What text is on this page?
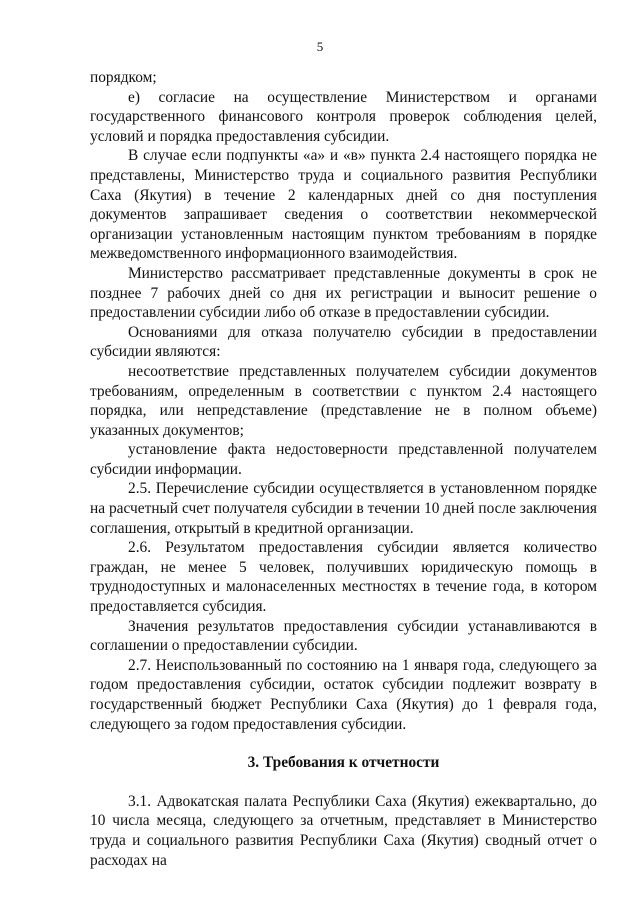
5

порядком;

е) согласие на осуществление Министерством и органами государственного финансового контроля проверок соблюдения целей, условий и порядка предоставления субсидии.

В случае если подпункты «а» и «в» пункта 2.4 настоящего порядка не представлены, Министерство труда и социального развития Республики Саха (Якутия) в течение 2 календарных дней со дня поступления документов запрашивает сведения о соответствии некоммерческой организации установленным настоящим пунктом требованиям в порядке межведомственного информационного взаимодействия.

Министерство рассматривает представленные документы в срок не позднее 7 рабочих дней со дня их регистрации и выносит решение о предоставлении субсидии либо об отказе в предоставлении субсидии.

Основаниями для отказа получателю субсидии в предоставлении субсидии являются:

несоответствие представленных получателем субсидии документов требованиям, определенным в соответствии с пунктом 2.4 настоящего порядка, или непредставление (представление не в полном объеме) указанных документов;

установление факта недостоверности представленной получателем субсидии информации.

2.5. Перечисление субсидии осуществляется в установленном порядке на расчетный счет получателя субсидии в течении 10 дней после заключения соглашения, открытый в кредитной организации.

2.6. Результатом предоставления субсидии является количество граждан, не менее 5 человек, получивших юридическую помощь в труднодоступных и малонаселенных местностях в течение года, в котором предоставляется субсидия.

Значения результатов предоставления субсидии устанавливаются в соглашении о предоставлении субсидии.

2.7. Неиспользованный по состоянию на 1 января года, следующего за годом предоставления субсидии, остаток субсидии подлежит возврату в государственный бюджет Республики Саха (Якутия) до 1 февраля года, следующего за годом предоставления субсидии.

3. Требования к отчетности

3.1. Адвокатская палата Республики Саха (Якутия) ежеквартально, до 10 числа месяца, следующего за отчетным, представляет в Министерство труда и социального развития Республики Саха (Якутия) сводный отчет о расходах на
